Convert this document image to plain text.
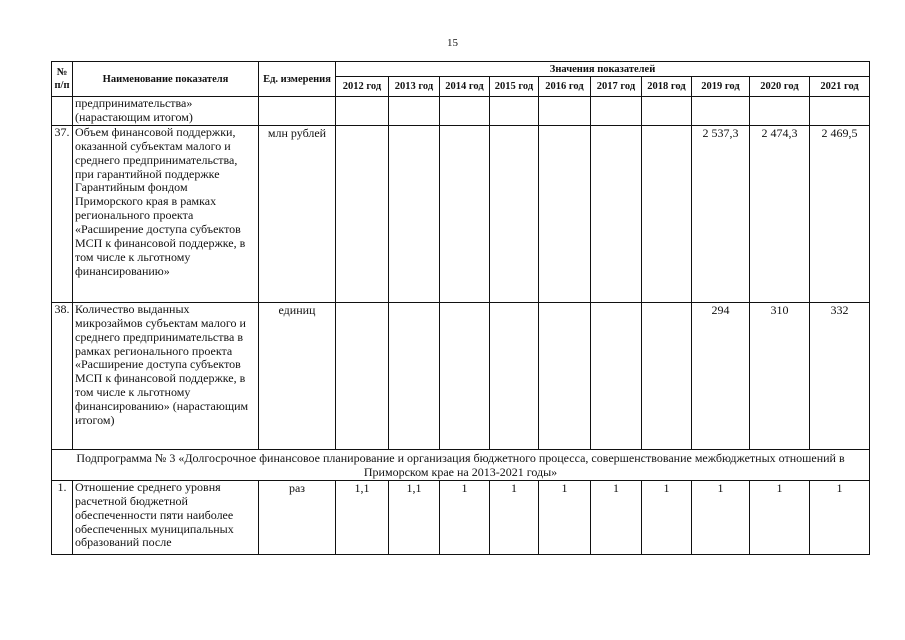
15
№ п/п	Наименование показателя	Ед. измерения	Значения показателей									
			2012 год	2013 год	2014 год	2015 год	2016 год	2017 год	2018 год	2019 год	2020 год	2021 год
	предпринимательства» (нарастающим итогом)											
37.	Объем финансовой поддержки, оказанной субъектам малого и среднего предпринимательства, при гарантийной поддержке Гарантийным фондом Приморского края в рамках регионального проекта «Расширение доступа субъектов МСП к финансовой поддержке, в том числе к льготному финансированию»	млн рублей								2 537,3	2 474,3	2 469,5
38.	Количество выданных микрозаймов субъектам малого и среднего предпринимательства в рамках регионального проекта «Расширение доступа субъектов МСП к финансовой поддержке, в том числе к льготному финансированию» (нарастающим итогом)	единиц								294	310	332
Подпрограмма № 3 «Долгосрочное финансовое планирование и организация бюджетного процесса, совершенствование межбюджетных отношений в Приморском крае на 2013-2021 годы»												
1.	Отношение среднего уровня расчетной бюджетной обеспеченности пяти наиболее обеспеченных муниципальных образований после	раз	1,1	1,1	1	1	1	1	1	1	1	1
